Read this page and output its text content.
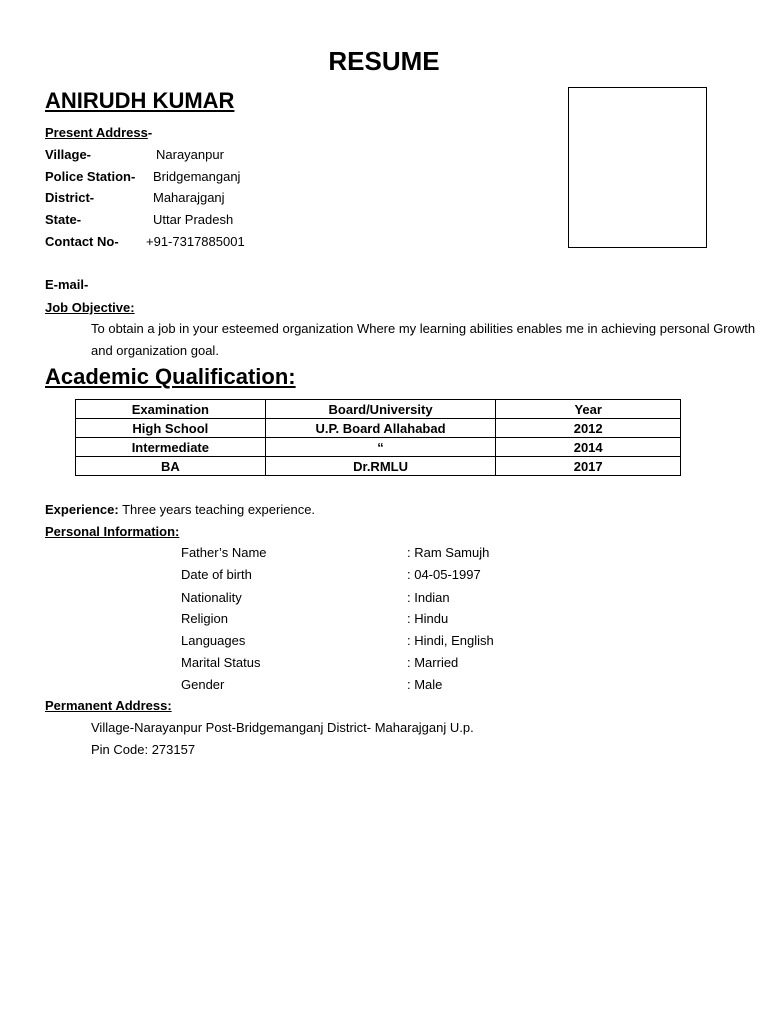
RESUME
ANIRUDH KUMAR
Present Address-
Village-	Narayanpur
Police Station- Bridgemanganj
District-	Maharajganj
State-	Uttar Pradesh
Contact No- +91-7317885001
E-mail-
Job Objective:
To obtain a job in your esteemed organization Where my learning abilities enables me in achieving personal Growth and organization goal.
Academic Qualification:
Examination	Board/University	Year
High School	U.P. Board Allahabad	2012
Intermediate	“	2014
BA	Dr.RMLU	2017
Experience: Three years teaching experience.
Personal Information:
Father’s Name	: Ram Samujh
Date of birth	: 04-05-1997
Nationality	: Indian
Religion	: Hindu
Languages	: Hindi, English
Marital Status	: Married
Gender	: Male
Permanent Address:
Village-Narayanpur Post-Bridgemanganj District- Maharajganj U.p.
Pin Code: 273157
